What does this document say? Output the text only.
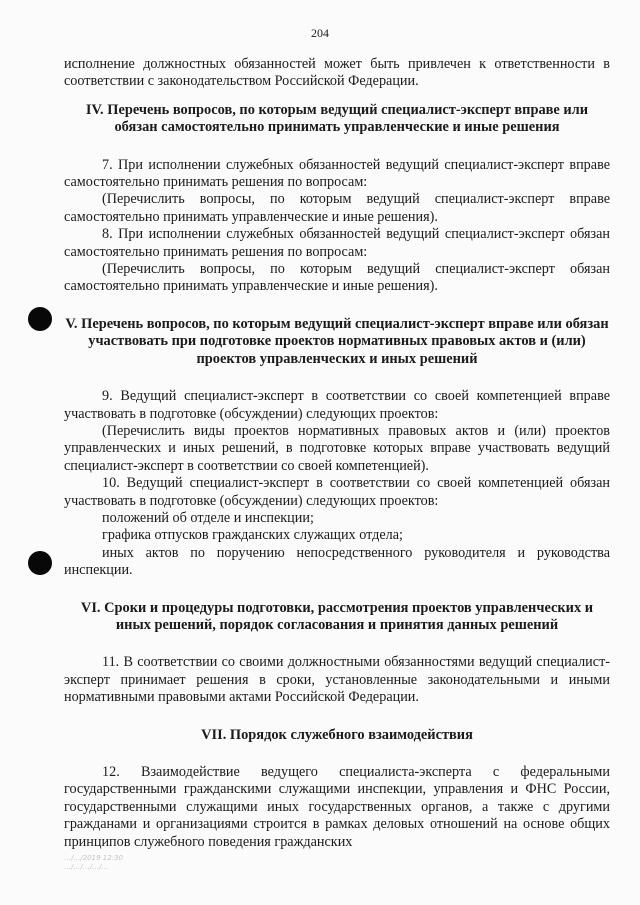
204

исполнение должностных обязанностей может быть привлечен к ответственности в соответствии с законодательством Российской Федерации.

IV. Перечень вопросов, по которым ведущий специалист-эксперт вправе или обязан самостоятельно принимать управленческие и иные решения

7. При исполнении служебных обязанностей ведущий специалист-эксперт вправе самостоятельно принимать решения по вопросам:

(Перечислить вопросы, по которым ведущий специалист-эксперт вправе самостоятельно принимать управленческие и иные решения).

8. При исполнении служебных обязанностей ведущий специалист-эксперт обязан самостоятельно принимать решения по вопросам:

(Перечислить вопросы, по которым ведущий специалист-эксперт обязан самостоятельно принимать управленческие и иные решения).

V. Перечень вопросов, по которым ведущий специалист-эксперт вправе или обязан участвовать при подготовке проектов нормативных правовых актов и (или) проектов управленческих и иных решений

9. Ведущий специалист-эксперт в соответствии со своей компетенцией вправе участвовать в подготовке (обсуждении) следующих проектов:

(Перечислить виды проектов нормативных правовых актов и (или) проектов управленческих и иных решений, в подготовке которых вправе участвовать ведущий специалист-эксперт в соответствии со своей компетенцией).

10. Ведущий специалист-эксперт в соответствии со своей компетенцией обязан участвовать в подготовке (обсуждении) следующих проектов:

положений об отделе и инспекции;

графика отпусков гражданских служащих отдела;

иных актов по поручению непосредственного руководителя и руководства инспекции.

VI. Сроки и процедуры подготовки, рассмотрения проектов управленческих и иных решений, порядок согласования и принятия данных решений

11. В соответствии со своими должностными обязанностями ведущий специалист-эксперт принимает решения в сроки, установленные законодательными и иными нормативными правовыми актами Российской Федерации.

VII. Порядок служебного взаимодействия

12. Взаимодействие ведущего специалиста-эксперта с федеральными государственными гражданскими служащими инспекции, управления и ФНС России, государственными служащими иных государственных органов, а также с другими гражданами и организациями строится в рамках деловых отношений на основе общих принципов служебного поведения гражданских

…/…/2019 12:30
…/…/…/…/…
